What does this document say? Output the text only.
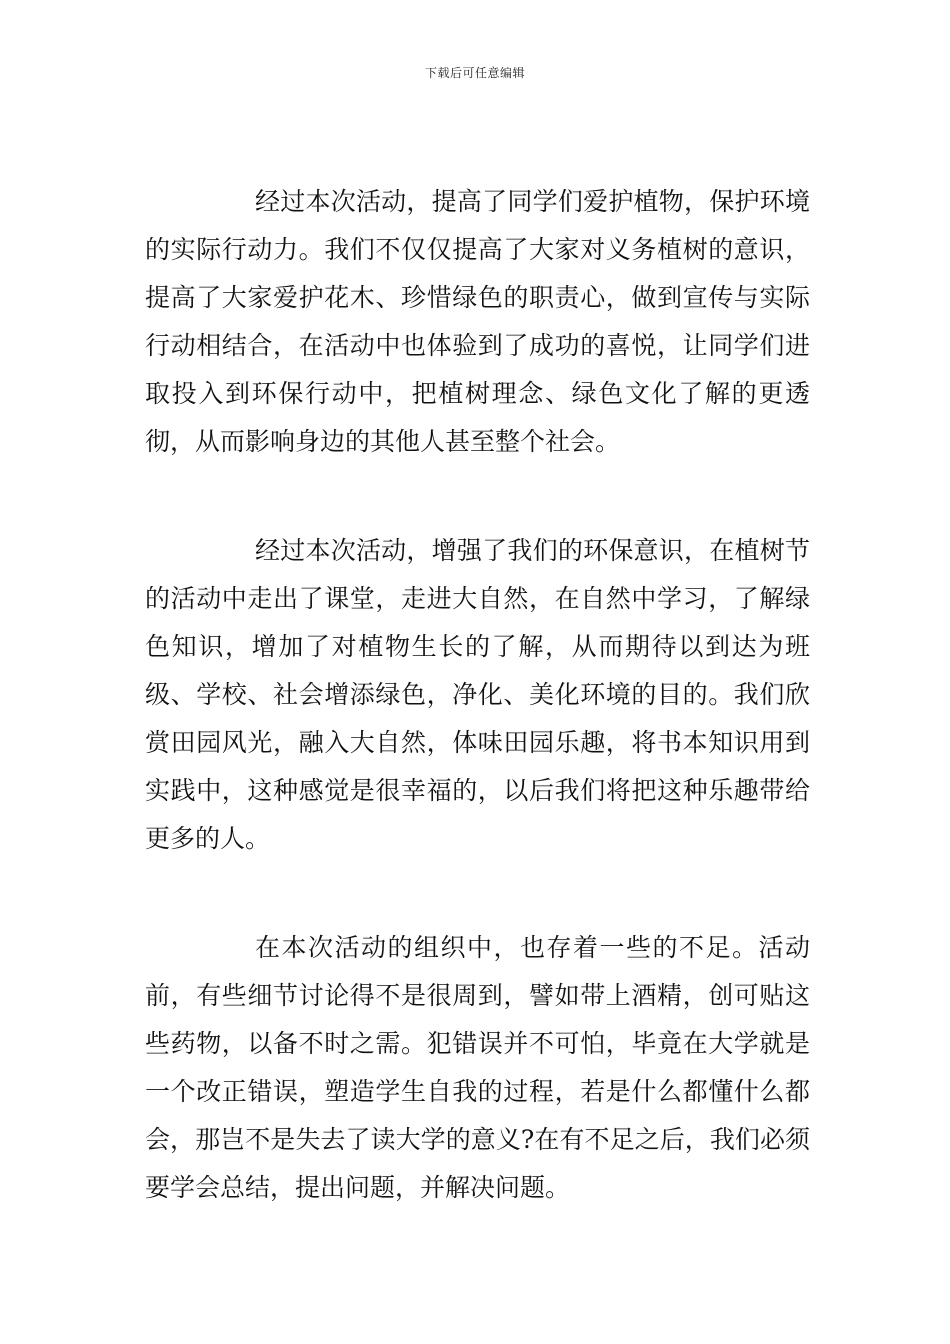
下载后可任意编辑

经过本次活动，提高了同学们爱护植物，保护环境的实际行动力。我们不仅仅提高了大家对义务植树的意识，提高了大家爱护花木、珍惜绿色的职责心，做到宣传与实际行动相结合，在活动中也体验到了成功的喜悦，让同学们进取投入到环保行动中，把植树理念、绿色文化了解的更透彻，从而影响身边的其他人甚至整个社会。

经过本次活动，增强了我们的环保意识，在植树节的活动中走出了课堂，走进大自然，在自然中学习，了解绿色知识，增加了对植物生长的了解，从而期待以到达为班级、学校、社会增添绿色，净化、美化环境的目的。我们欣赏田园风光，融入大自然，体味田园乐趣，将书本知识用到实践中，这种感觉是很幸福的，以后我们将把这种乐趣带给更多的人。

在本次活动的组织中，也存着一些的不足。活动前，有些细节讨论得不是很周到，譬如带上酒精，创可贴这些药物，以备不时之需。犯错误并不可怕，毕竟在大学就是一个改正错误，塑造学生自我的过程，若是什么都懂什么都会，那岂不是失去了读大学的意义?在有不足之后，我们必须要学会总结，提出问题，并解决问题。
